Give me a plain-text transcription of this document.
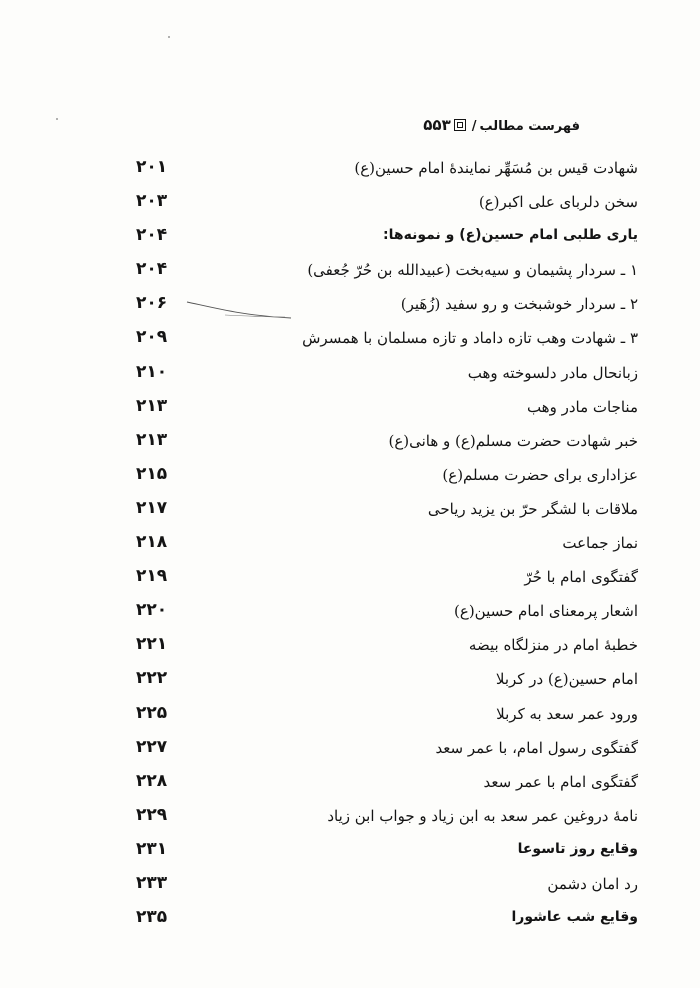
فهرست مطالب/۵۵۳
شهادت قیس بن مُسَهِّر نمایندهٔ امام حسین(ع)
۲۰۱
سخن دلربای علی اکبر(ع)
۲۰۳
یاری طلبی امام حسین(ع) و نمونه‌ها:
۲۰۴
۱ ـ سردار پشیمان و سیه‌بخت (عبیدالله بن حُرّ جُعفی)
۲۰۴
۲ ـ سردار خوشبخت و رو سفید (زُهَیر)
۲۰۶
۳ ـ شهادت وهب تازه داماد و تازه مسلمان با همسرش
۲۰۹
زبانحال مادر دلسوخته وهب
۲۱۰
مناجات مادر وهب
۲۱۳
خبر شهادت حضرت مسلم(ع) و هانی(ع)
۲۱۳
عزاداری برای حضرت مسلم(ع)
۲۱۵
ملاقات با لشگر حرّ بن یزید ریاحی
۲۱۷
نماز جماعت
۲۱۸
گفتگوی امام با حُرّ
۲۱۹
اشعار پرمعنای امام حسین(ع)
۲۲۰
خطبهٔ امام در منزلگاه بیضه
۲۲۱
امام حسین(ع) در کربلا
۲۲۲
ورود عمر سعد به کربلا
۲۲۵
گفتگوی رسول امام، با عمر سعد
۲۲۷
گفتگوی امام با عمر سعد
۲۲۸
نامهٔ دروغین عمر سعد به ابن زیاد و جواب ابن زیاد
۲۲۹
وقایع روز تاسوعا
۲۳۱
رد امان دشمن
۲۳۳
وقایع شب عاشورا
۲۳۵
